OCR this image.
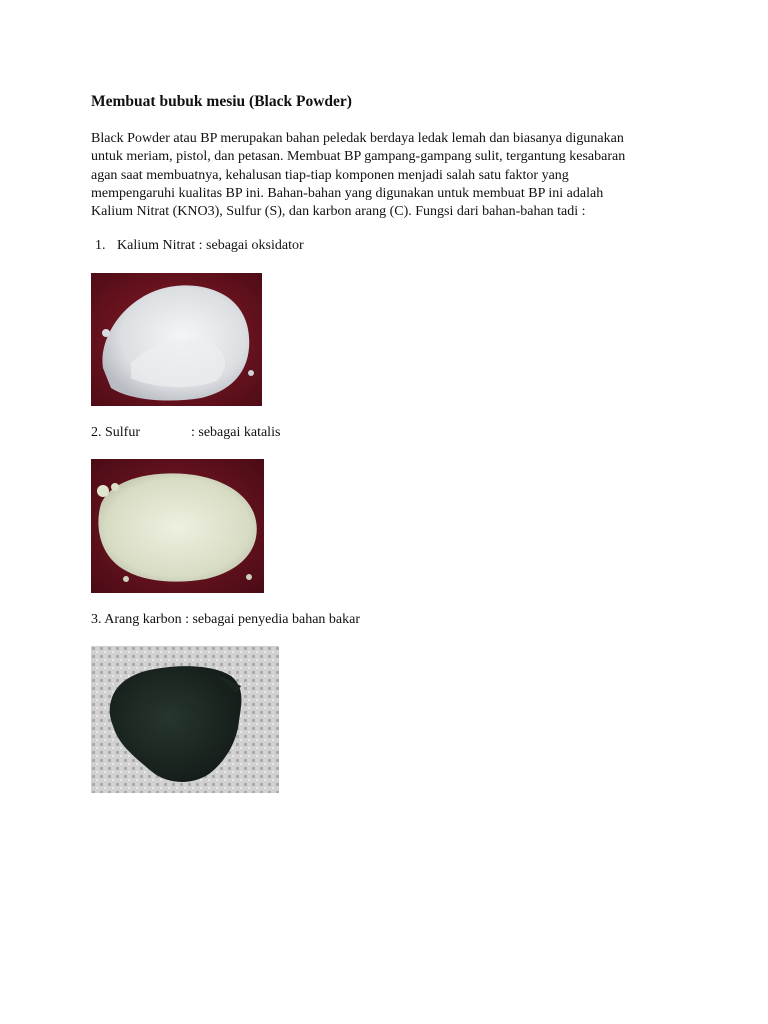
Membuat bubuk mesiu (Black Powder)

Black Powder atau BP merupakan bahan peledak berdaya ledak lemah dan biasanya digunakan
untuk meriam, pistol, dan petasan. Membuat BP gampang-gampang sulit, tergantung kesabaran
agan saat membuatnya, kehalusan tiap-tiap komponen menjadi salah satu faktor yang
mempengaruhi kualitas BP ini. Bahan-bahan yang digunakan untuk membuat BP ini adalah
Kalium Nitrat (KNO3), Sulfur (S), dan karbon arang (C). Fungsi dari bahan-bahan tadi :

1. Kalium Nitrat : sebagai oksidator
2. Sulfur	: sebagai katalis
3. Arang karbon : sebagai penyedia bahan bakar
